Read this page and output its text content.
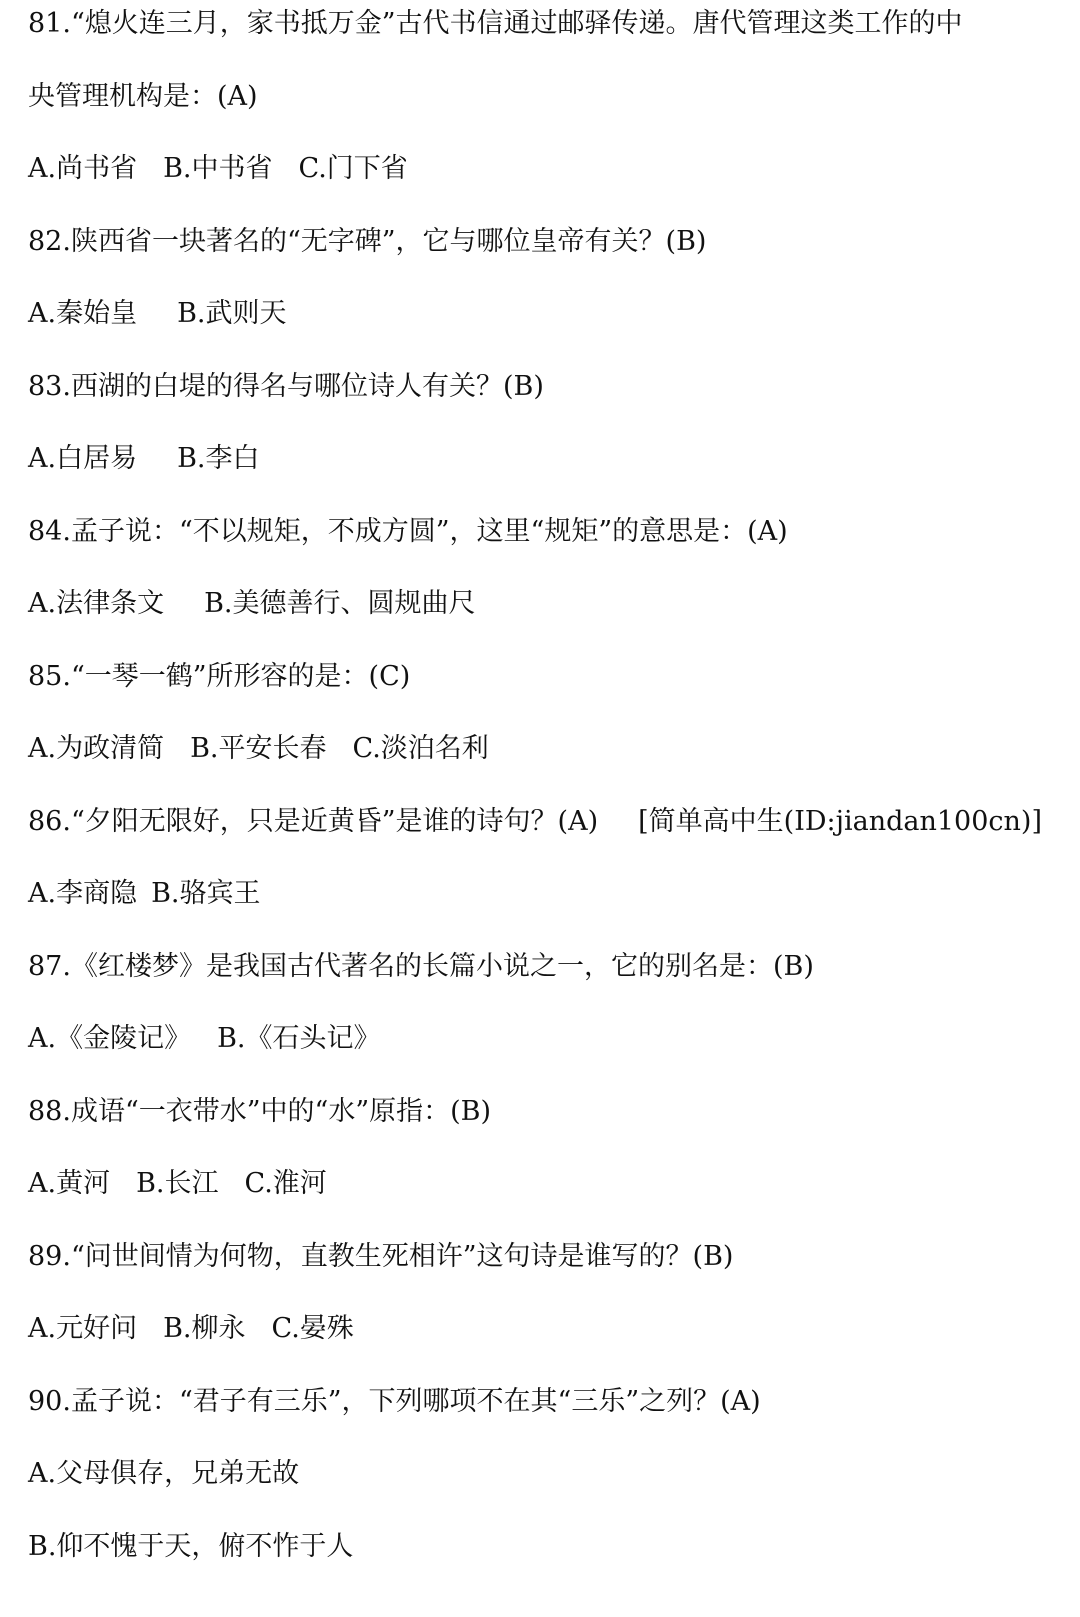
81.“熄火连三月，家书抵万金”古代书信通过邮驿传递。唐代管理这类工作的中
央管理机构是：(A)
A.尚书省 B.中书省 C.门下省
82.陕西省一块著名的“无字碑”，它与哪位皇帝有关？(B)
A.秦始皇 B.武则天
83.西湖的白堤的得名与哪位诗人有关？(B)
A.白居易 B.李白
84.孟子说：“不以规矩，不成方圆”，这里“规矩”的意思是：(A)
A.法律条文 B.美德善行、圆规曲尺
85.“一琴一鹤”所形容的是：(C)
A.为政清简 B.平安长春 C.淡泊名利
86.“夕阳无限好，只是近黄昏”是谁的诗句？(A) [简单高中生(ID:jiandan100cn)]
A.李商隐 B.骆宾王
87.《红楼梦》是我国古代著名的长篇小说之一，它的别名是：(B)
A.《金陵记》 B.《石头记》
88.成语“一衣带水”中的“水”原指：(B)
A.黄河 B.长江 C.淮河
89.“问世间情为何物，直教生死相许”这句诗是谁写的？(B)
A.元好问 B.柳永 C.晏殊
90.孟子说：“君子有三乐”，下列哪项不在其“三乐”之列？(A)
A.父母俱存，兄弟无故
B.仰不愧于天，俯不怍于人
